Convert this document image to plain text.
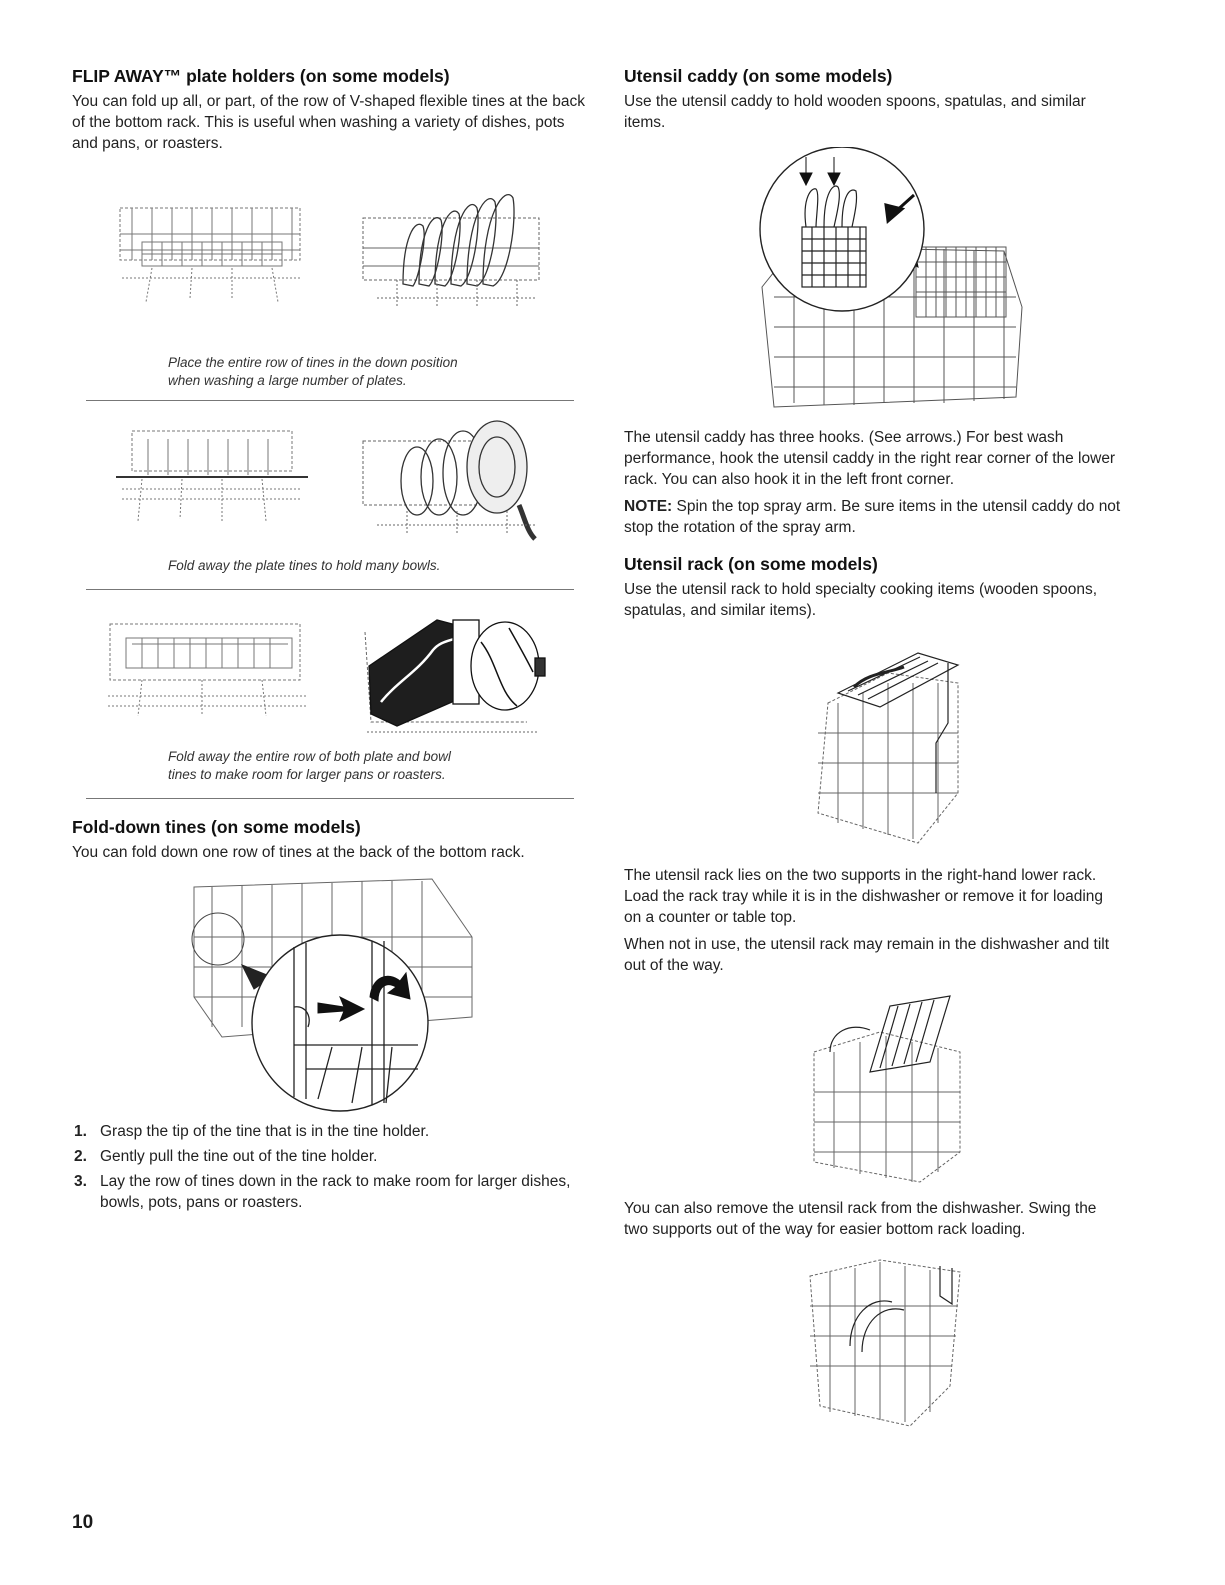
FLIP AWAY™ plate holders (on some models)

You can fold up all, or part, of the row of V-shaped flexible tines at the back of the bottom rack. This is useful when washing a variety of dishes, pots and pans, or roasters.

Place the entire row of tines in the down position when washing a large number of plates.

Fold away the plate tines to hold many bowls.

Fold away the entire row of both plate and bowl tines to make room for larger pans or roasters.

Fold-down tines (on some models)

You can fold down one row of tines at the back of the bottom rack.

1. Grasp the tip of the tine that is in the tine holder.
2. Gently pull the tine out of the tine holder.
3. Lay the row of tines down in the rack to make room for larger dishes, bowls, pots, pans or roasters.
Utensil caddy (on some models)

Use the utensil caddy to hold wooden spoons, spatulas, and similar items.

The utensil caddy has three hooks. (See arrows.) For best wash performance, hook the utensil caddy in the right rear corner of the lower rack. You can also hook it in the left front corner.

NOTE: Spin the top spray arm. Be sure items in the utensil caddy do not stop the rotation of the spray arm.

Utensil rack (on some models)

Use the utensil rack to hold specialty cooking items (wooden spoons, spatulas, and similar items).

The utensil rack lies on the two supports in the right-hand lower rack. Load the rack tray while it is in the dishwasher or remove it for loading on a counter or table top.

When not in use, the utensil rack may remain in the dishwasher and tilt out of the way.

You can also remove the utensil rack from the dishwasher. Swing the two supports out of the way for easier bottom rack loading.

10
